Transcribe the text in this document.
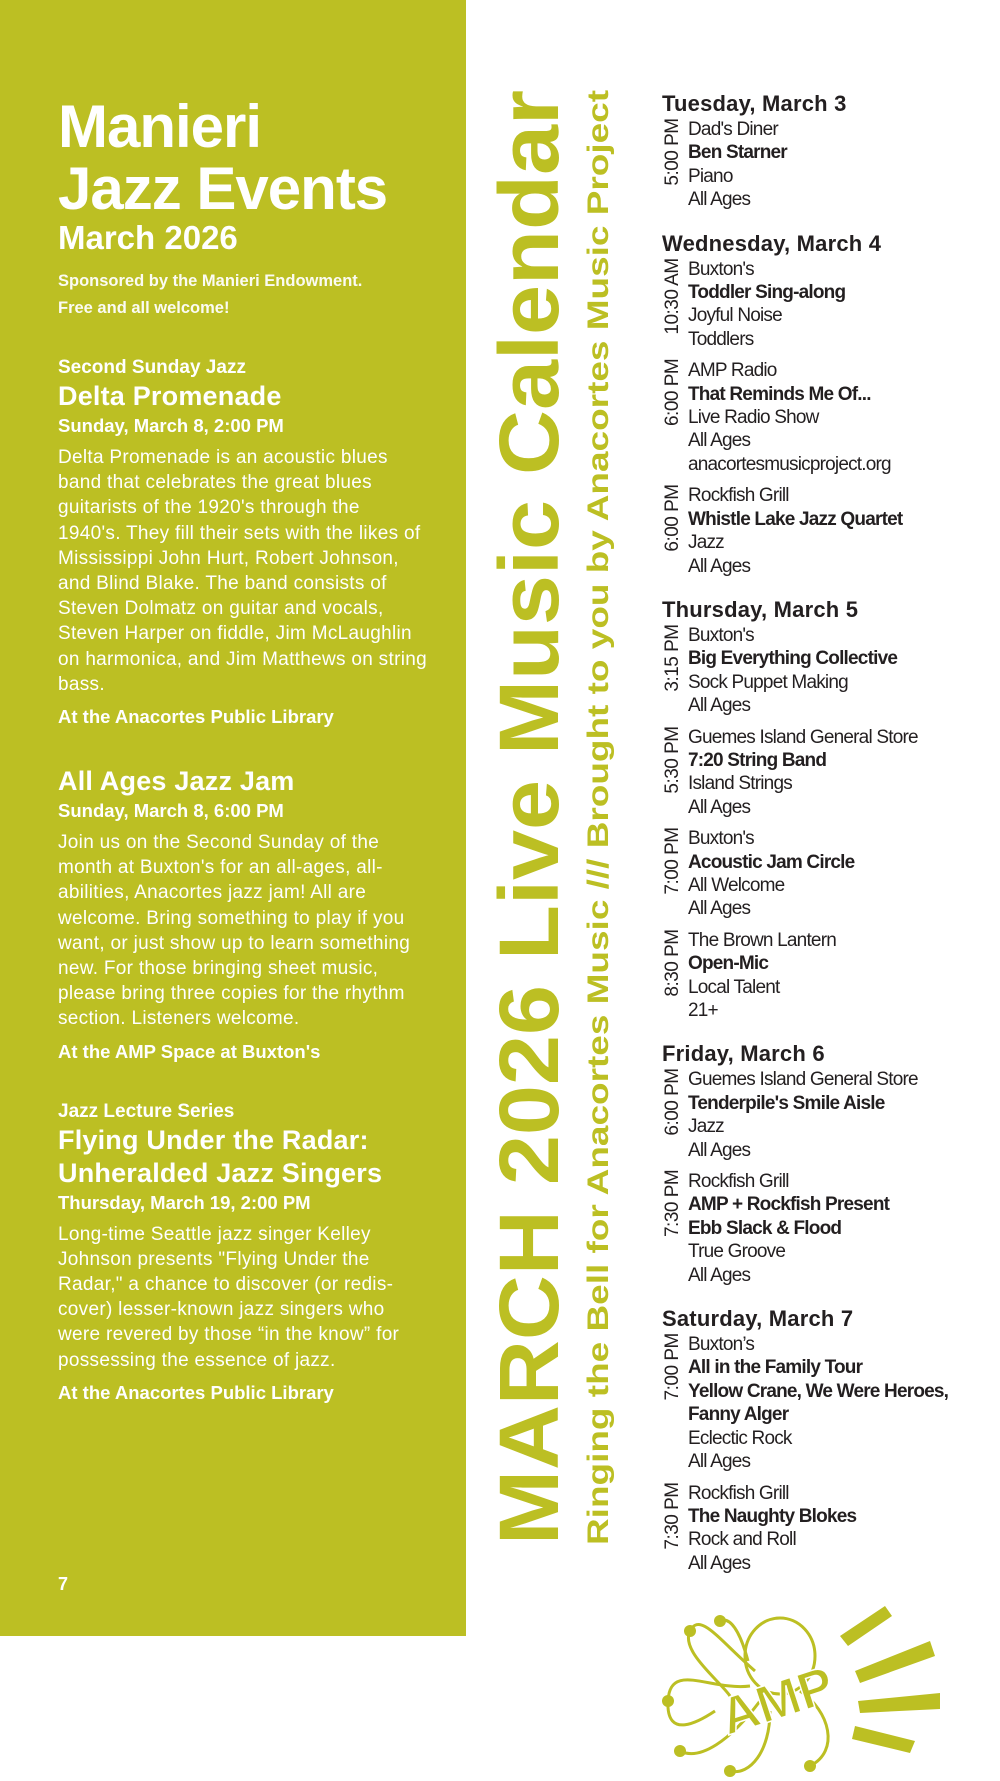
Manieri
Jazz Events
March 2026
Sponsored by the Manieri Endowment.
Free and all welcome!
Second Sunday Jazz
Delta Promenade
Sunday, March 8, 2:00 PM
Delta Promenade is an acoustic blues band that celebrates the great blues guitarists of the 1920's through the 1940's. They fill their sets with the likes of Mississippi John Hurt, Robert Johnson, and Blind Blake. The band consists of Steven Dolmatz on guitar and vocals, Steven Harper on fiddle, Jim McLaughlin on harmonica, and Jim Matthews on string bass.
At the Anacortes Public Library
All Ages Jazz Jam
Sunday, March 8, 6:00 PM
Join us on the Second Sunday of the month at Buxton's for an all-ages, all-abilities, Anacortes jazz jam! All are welcome. Bring something to play if you want, or just show up to learn something new. For those bringing sheet music, please bring three copies for the rhythm section. Listeners welcome.
At the AMP Space at Buxton's
Jazz Lecture Series
Flying Under the Radar:
Unheralded Jazz Singers
Thursday, March 19, 2:00 PM
Long-time Seattle jazz singer Kelley Johnson presents "Flying Under the Radar," a chance to discover (or redis-cover) lesser-known jazz singers who were revered by those “in the know” for possessing the essence of jazz.
At the Anacortes Public Library
7
MARCH 2026 Live Music Calendar Ringing the Bell for Anacortes Music /// Brought to you by Anacortes Music Project
Tuesday, March 3
5:00 PM Dad's Diner
Ben Starner
Piano
All Ages
Wednesday, March 4
10:30 AM Buxton's
Toddler Sing-along
Joyful Noise
Toddlers
6:00 PM AMP Radio
That Reminds Me Of...
Live Radio Show
All Ages
anacortesmusicproject.org
6:00 PM Rockfish Grill
Whistle Lake Jazz Quartet
Jazz
All Ages
Thursday, March 5
3:15 PM Buxton's
Big Everything Collective
Sock Puppet Making
All Ages
5:30 PM Guemes Island General Store
7:20 String Band
Island Strings
All Ages
7:00 PM Buxton's
Acoustic Jam Circle
All Welcome
All Ages
8:30 PM The Brown Lantern
Open-Mic
Local Talent
21+
Friday, March 6
6:00 PM Guemes Island General Store
Tenderpile's Smile Aisle
Jazz
All Ages
7:30 PM Rockfish Grill
AMP + Rockfish Present
Ebb Slack & Flood
True Groove
All Ages
Saturday, March 7
7:00 PM Buxton’s
All in the Family Tour
Yellow Crane, We Were Heroes,
Fanny Alger
Eclectic Rock
All Ages
7:30 PM Rockfish Grill
The Naughty Blokes
Rock and Roll
All Ages
AMP
